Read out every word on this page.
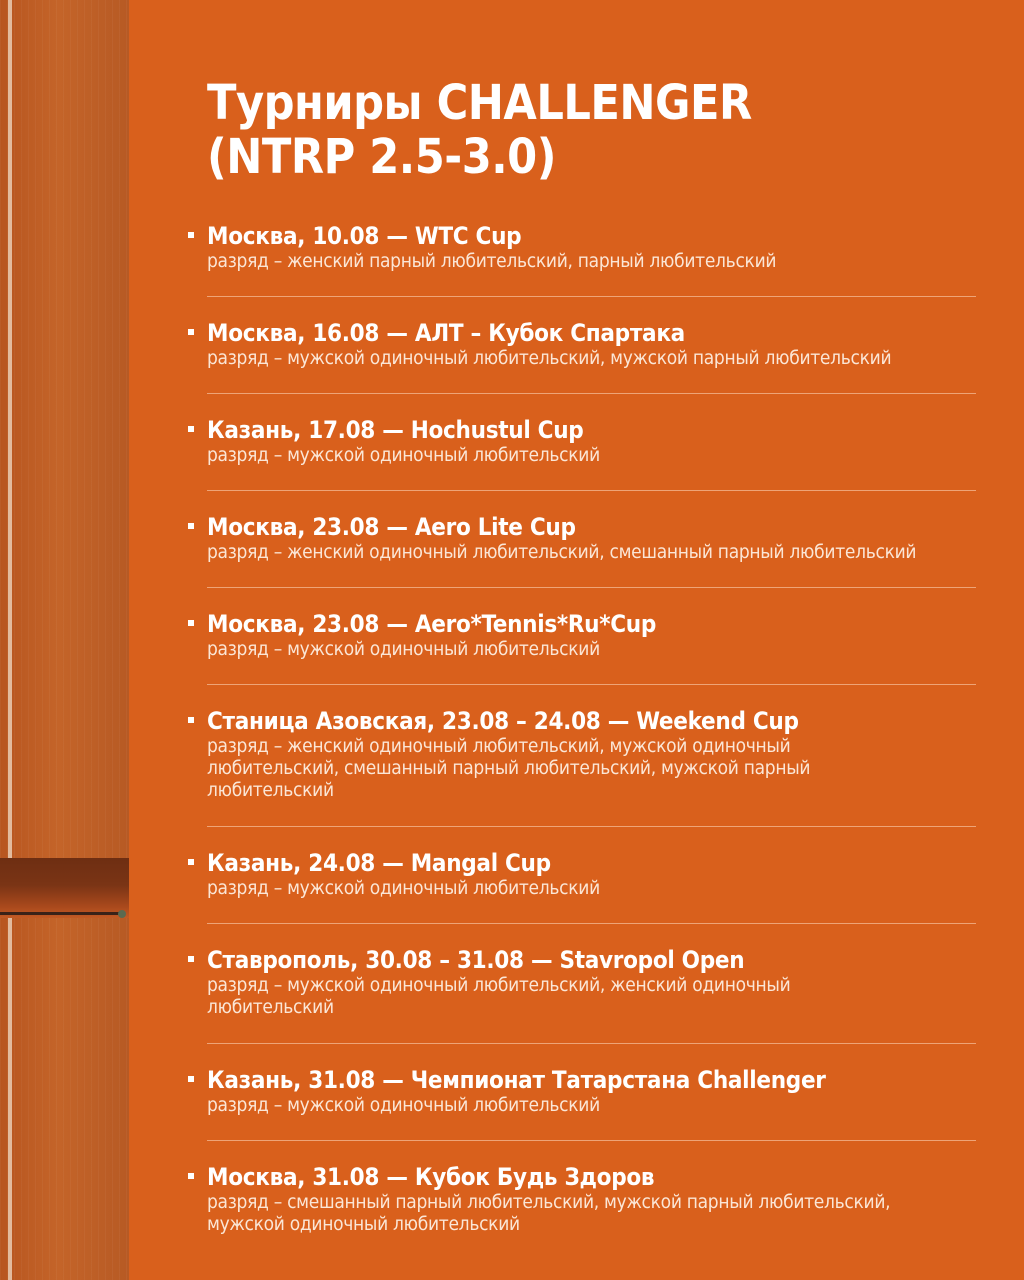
Турниры CHALLENGER
(NTRP 2.5-3.0)
Москва, 10.08 — WTC Cup
разряд – женский парный любительский, парный любительский
Москва, 16.08 — АЛТ – Кубок Спартака
разряд – мужской одиночный любительский, мужской парный любительский
Казань, 17.08 — Hochustul Cup
разряд – мужской одиночный любительский
Москва, 23.08 — Aero Lite Cup
разряд – женский одиночный любительский, смешанный парный любительский
Москва, 23.08 — Aero*Tennis*Ru*Cup
разряд – мужской одиночный любительский
Станица Азовская, 23.08 – 24.08 — Weekend Cup
разряд – женский одиночный любительский, мужской одиночный любительский, смешанный парный любительский, мужской парный любительский
Казань, 24.08 — Mangal Cup
разряд – мужской одиночный любительский
Ставрополь, 30.08 – 31.08 — Stavropol Open
разряд – мужской одиночный любительский, женский одиночный любительский
Казань, 31.08 — Чемпионат Татарстана Challenger
разряд – мужской одиночный любительский
Москва, 31.08 — Кубок Будь Здоров
разряд – смешанный парный любительский, мужской парный любительский, мужской одиночный любительский
